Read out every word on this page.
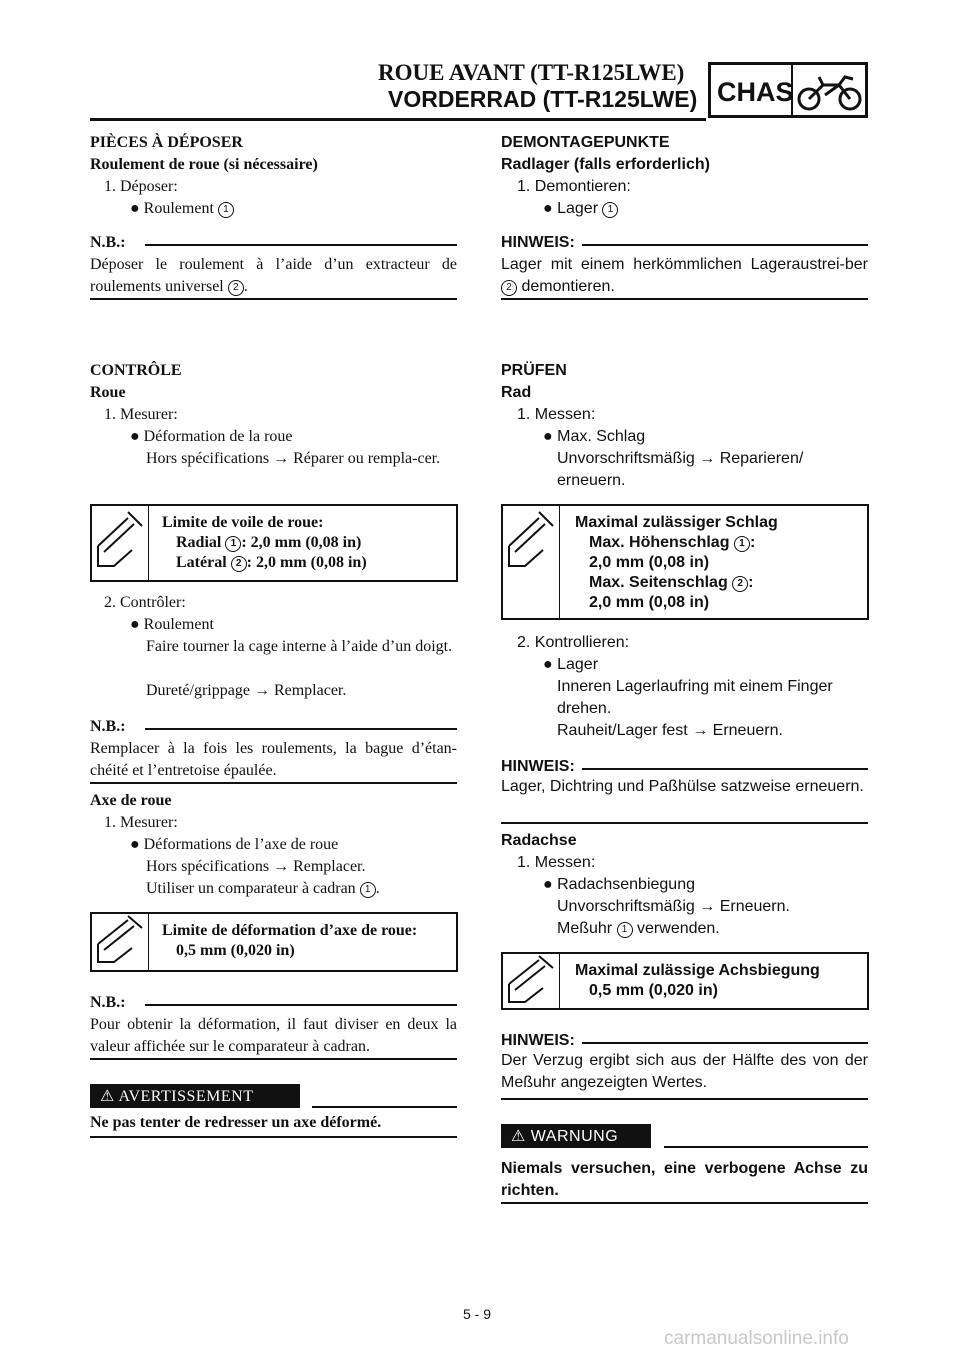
ROUE AVANT (TT-R125LWE)
VORDERRAD (TT-R125LWE) CHAS
PIÈCES À DÉPOSER
Roulement de roue (si nécessaire)
1. Déposer:
● Roulement 1
N.B.:
Déposer le roulement à l’aide d’un extracteur de roulements universel 2 .
CONTRÔLE
Roue
1. Mesurer:
● Déformation de la roue
Hors spécifications → Réparer ou rempla-cer.
Limite de voile de roue:
Radial 1 : 2,0 mm (0,08 in)
Latéral 2 : 2,0 mm (0,08 in)
2. Contrôler:
● Roulement
Faire tourner la cage interne à l’aide d’un doigt.
Dureté/grippage → Remplacer.
N.B.:
Remplacer à la fois les roulements, la bague d’étan-chéité et l’entretoise épaulée.
Axe de roue
1. Mesurer:
● Déformations de l’axe de roue
Hors spécifications → Remplacer.
Utiliser un comparateur à cadran 1 .
Limite de déformation d’axe de roue:
0,5 mm (0,020 in)
N.B.:
Pour obtenir la déformation, il faut diviser en deux la valeur affichée sur le comparateur à cadran.
⚠ AVERTISSEMENT
Ne pas tenter de redresser un axe déformé.
DEMONTAGEPUNKTE
Radlager (falls erforderlich)
1. Demontieren:
● Lager 1
HINWEIS:
Lager mit einem herkömmlichen Lageraustrei-ber 2 demontieren.
PRÜFEN
Rad
1. Messen:
● Max. Schlag
Unvorschriftsmäßig → Reparieren/ erneuern.
Maximal zulässiger Schlag
Max. Höhenschlag 1 :
2,0 mm (0,08 in)
Max. Seitenschlag 2 :
2,0 mm (0,08 in)
2. Kontrollieren:
● Lager
Inneren Lagerlaufring mit einem Finger drehen.
Rauheit/Lager fest → Erneuern.
HINWEIS:
Lager, Dichtring und Paßhülse satzweise erneuern.
Radachse
1. Messen:
● Radachsenbiegung
Unvorschriftsmäßig → Erneuern.
Meßuhr 1 verwenden.
Maximal zulässige Achsbiegung
0,5 mm (0,020 in)
HINWEIS:
Der Verzug ergibt sich aus der Hälfte des von der Meßuhr angezeigten Wertes.
⚠ WARNUNG
Niemals versuchen, eine verbogene Achse zu richten.
5 - 9
carmanualsonline.info
